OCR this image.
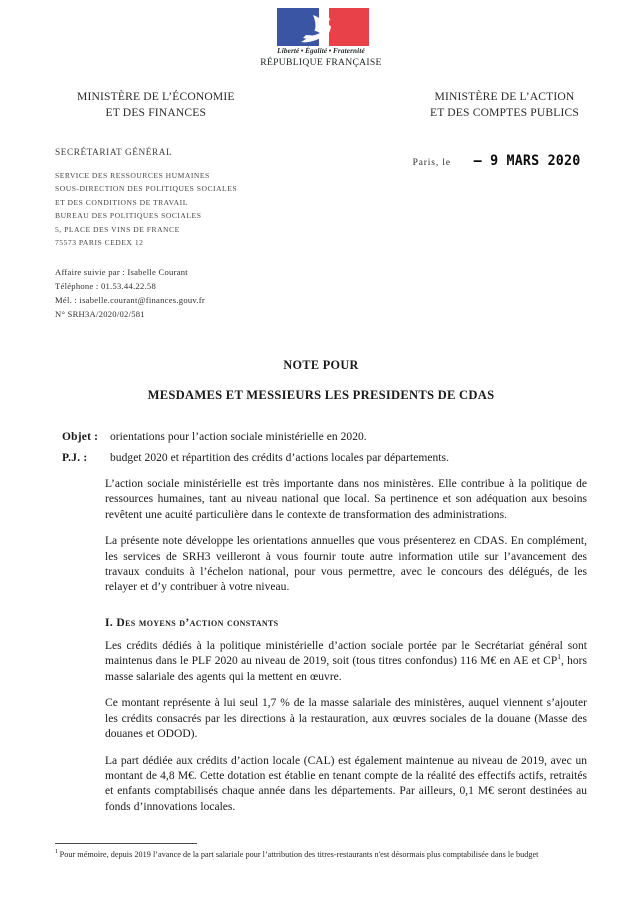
Liberté • Égalité • Fraternité
RÉPUBLIQUE FRANÇAISE
MINISTÈRE DE L’ÉCONOMIE
ET DES FINANCES
MINISTÈRE DE L’ACTION
ET DES COMPTES PUBLICS
SECRÉTARIAT GÉNÉRAL
SERVICE DES RESSOURCES HUMAINES
SOUS-DIRECTION DES POLITIQUES SOCIALES
ET DES CONDITIONS DE TRAVAIL
BUREAU DES POLITIQUES SOCIALES
5, PLACE DES VINS DE FRANCE
75573 PARIS CEDEX 12
Affaire suivie par : Isabelle Courant
Téléphone : 01.53.44.22.58
Mél. : isabelle.courant@finances.gouv.fr
N° SRH3A/2020/02/581
Paris, le – 9 MARS 2020
NOTE POUR
MESDAMES ET MESSIEURS LES PRESIDENTS DE CDAS
Objet :	orientations pour l’action sociale ministérielle en 2020.
P.J. :	budget 2020 et répartition des crédits d’actions locales par départements.

L’action sociale ministérielle est très importante dans nos ministères. Elle contribue à la politique de ressources humaines, tant au niveau national que local. Sa pertinence et son adéquation aux besoins revêtent une acuité particulière dans le contexte de transformation des administrations.

La présente note développe les orientations annuelles que vous présenterez en CDAS. En complément, les services de SRH3 veilleront à vous fournir toute autre information utile sur l’avancement des travaux conduits à l’échelon national, pour vous permettre, avec le concours des délégués, de les relayer et d’y contribuer à votre niveau.

I. Des moyens d’action constants

Les crédits dédiés à la politique ministérielle d’action sociale portée par le Secrétariat général sont maintenus dans le PLF 2020 au niveau de 2019, soit (tous titres confondus) 116 M€ en AE et CP$^1$, hors masse salariale des agents qui la mettent en œuvre.

Ce montant représente à lui seul 1,7 % de la masse salariale des ministères, auquel viennent s’ajouter les crédits consacrés par les directions à la restauration, aux œuvres sociales de la douane (Masse des douanes et ODOD).

La part dédiée aux crédits d’action locale (CAL) est également maintenue au niveau de 2019, avec un montant de 4,8 M€. Cette dotation est établie en tenant compte de la réalité des effectifs actifs, retraités et enfants comptabilisés chaque année dans les départements. Par ailleurs, 0,1 M€ seront destinées au fonds d’innovations locales.

$^1$ Pour mémoire, depuis 2019 l’avance de la part salariale pour l’attribution des titres-restaurants n'est désormais plus comptabilisée dans le budget
